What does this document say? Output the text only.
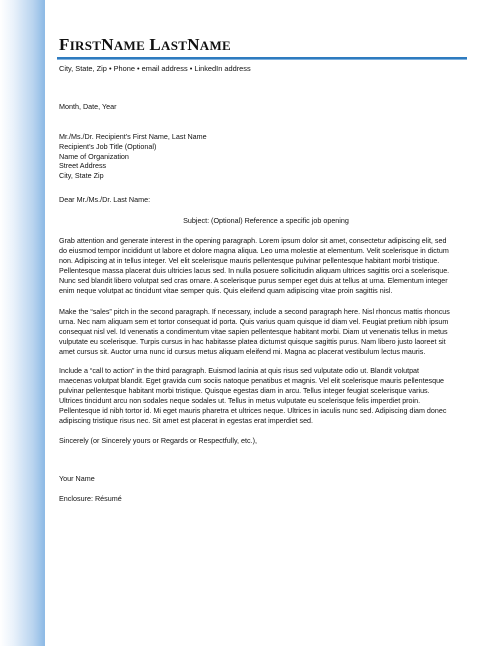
FIRSTNAME LASTNAME
City, State, Zip • Phone • email address • LinkedIn address
Month, Date, Year
Mr./Ms./Dr. Recipient’s First Name, Last Name
Recipient’s Job Title (Optional)
Name of Organization
Street Address
City, State Zip
Dear Mr./Ms./Dr. Last Name:
Subject: (Optional) Reference a specific job opening
Grab attention and generate interest in the opening paragraph. Lorem ipsum dolor sit amet, consectetur adipiscing elit, sed
do eiusmod tempor incididunt ut labore et dolore magna aliqua. Leo urna molestie at elementum. Velit scelerisque in dictum
non. Adipiscing at in tellus integer. Vel elit scelerisque mauris pellentesque pulvinar pellentesque habitant morbi tristique.
Pellentesque massa placerat duis ultricies lacus sed. In nulla posuere sollicitudin aliquam ultrices sagittis orci a scelerisque.
Nunc sed blandit libero volutpat sed cras ornare. A scelerisque purus semper eget duis at tellus at urna. Elementum integer
enim neque volutpat ac tincidunt vitae semper quis. Quis eleifend quam adipiscing vitae proin sagittis nisl.
Make the “sales” pitch in the second paragraph. If necessary, include a second paragraph here. Nisl rhoncus mattis rhoncus
urna. Nec nam aliquam sem et tortor consequat id porta. Quis varius quam quisque id diam vel. Feugiat pretium nibh ipsum
consequat nisl vel. Id venenatis a condimentum vitae sapien pellentesque habitant morbi. Diam ut venenatis tellus in metus
vulputate eu scelerisque. Turpis cursus in hac habitasse platea dictumst quisque sagittis purus. Nam libero justo laoreet sit
amet cursus sit. Auctor urna nunc id cursus metus aliquam eleifend mi. Magna ac placerat vestibulum lectus mauris.
Include a “call to action” in the third paragraph. Euismod lacinia at quis risus sed vulputate odio ut. Blandit volutpat
maecenas volutpat blandit. Eget gravida cum sociis natoque penatibus et magnis. Vel elit scelerisque mauris pellentesque
pulvinar pellentesque habitant morbi tristique. Quisque egestas diam in arcu. Tellus integer feugiat scelerisque varius.
Ultrices tincidunt arcu non sodales neque sodales ut. Tellus in metus vulputate eu scelerisque felis imperdiet proin.
Pellentesque id nibh tortor id. Mi eget mauris pharetra et ultrices neque. Ultrices in iaculis nunc sed. Adipiscing diam donec
adipiscing tristique risus nec. Sit amet est placerat in egestas erat imperdiet sed.
Sincerely (or Sincerely yours or Regards or Respectfully, etc.),
Your Name
Enclosure: Résumé
